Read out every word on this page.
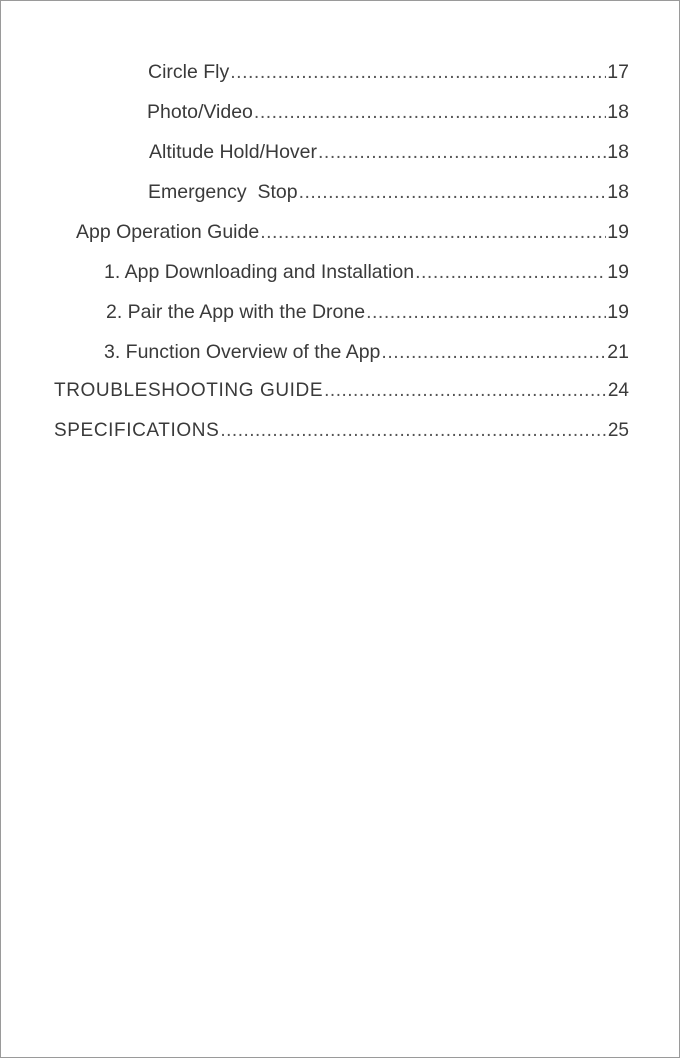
Circle Fly .....	17
Photo/Video .....	18
Altitude Hold/Hover .....	18
Emergency  Stop .....	18
App Operation Guide .....	19
1. App Downloading and Installation .....	19
2. Pair the App with the Drone .....	19
3. Function Overview of the App .....	21
TROUBLESHOOTING GUIDE .....	24
SPECIFICATIONS .....	25
